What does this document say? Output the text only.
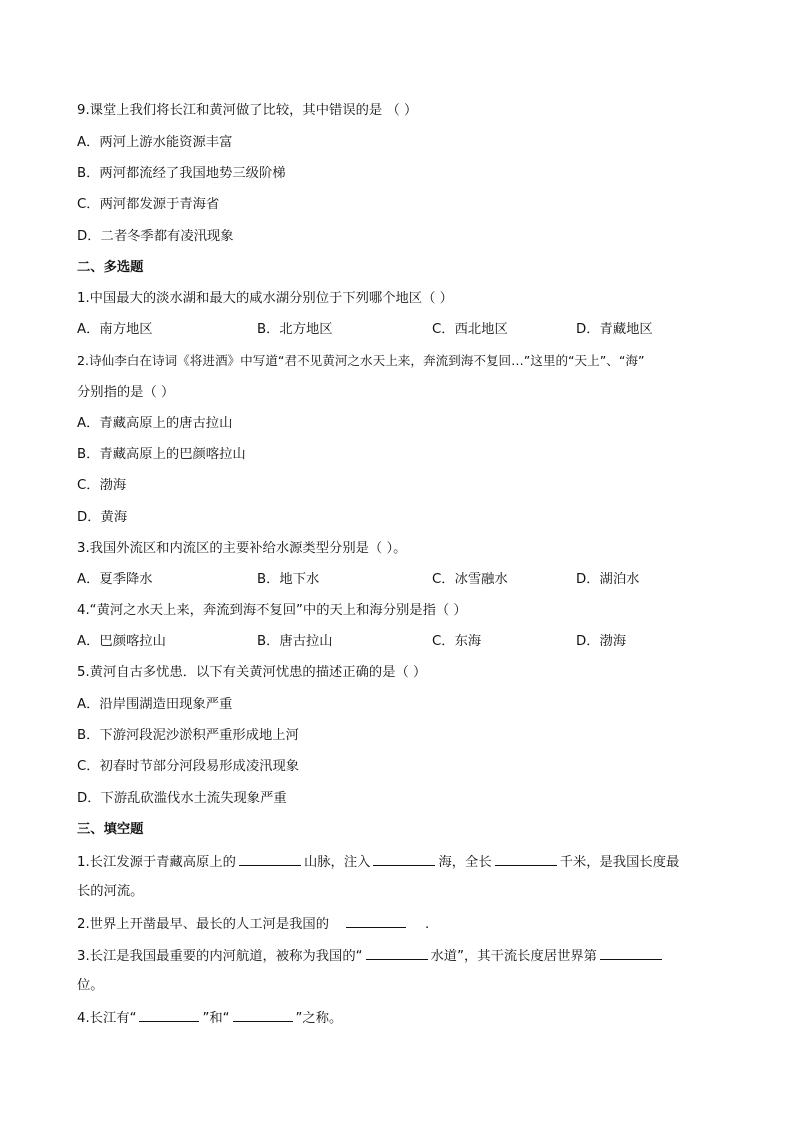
9.课堂上我们将长江和黄河做了比较，其中错误的是 （ ）
A．两河上游水能资源丰富
B．两河都流经了我国地势三级阶梯
C．两河都发源于青海省
D．二者冬季都有凌汛现象
二、多选题
1.中国最大的淡水湖和最大的咸水湖分别位于下列哪个地区（ ）
A．南方地区	B．北方地区	C．西北地区	D．青藏地区
2.诗仙李白在诗词《将进酒》中写道“君不见黄河之水天上来，奔流到海不复回…”这里的“天上”、“海”
分别指的是（ ）
A．青藏高原上的唐古拉山
B．青藏高原上的巴颜喀拉山
C．渤海
D．黄海
3.我国外流区和内流区的主要补给水源类型分别是（ ）。
A．夏季降水	B．地下水	C．冰雪融水	D．湖泊水
4.“黄河之水天上来，奔流到海不复回”中的天上和海分别是指（ ）
A．巴颜喀拉山	B．唐古拉山	C．东海	D．渤海
5.黄河自古多忧患．以下有关黄河忧患的描述正确的是（ ）
A．沿岸围湖造田现象严重
B．下游河段泥沙淤积严重形成地上河
C．初春时节部分河段易形成凌汛现象
D．下游乱砍滥伐水土流失现象严重
三、填空题
1.长江发源于青藏高原上的	山脉，注入	海，全长	千米，是我国长度最
长的河流。
2.世界上开凿最早、最长的人工河是我国的	.
3.长江是我国最重要的内河航道，被称为我国的“	水道”，其干流长度居世界第
位。
4.长江有“	”和“	”之称。
